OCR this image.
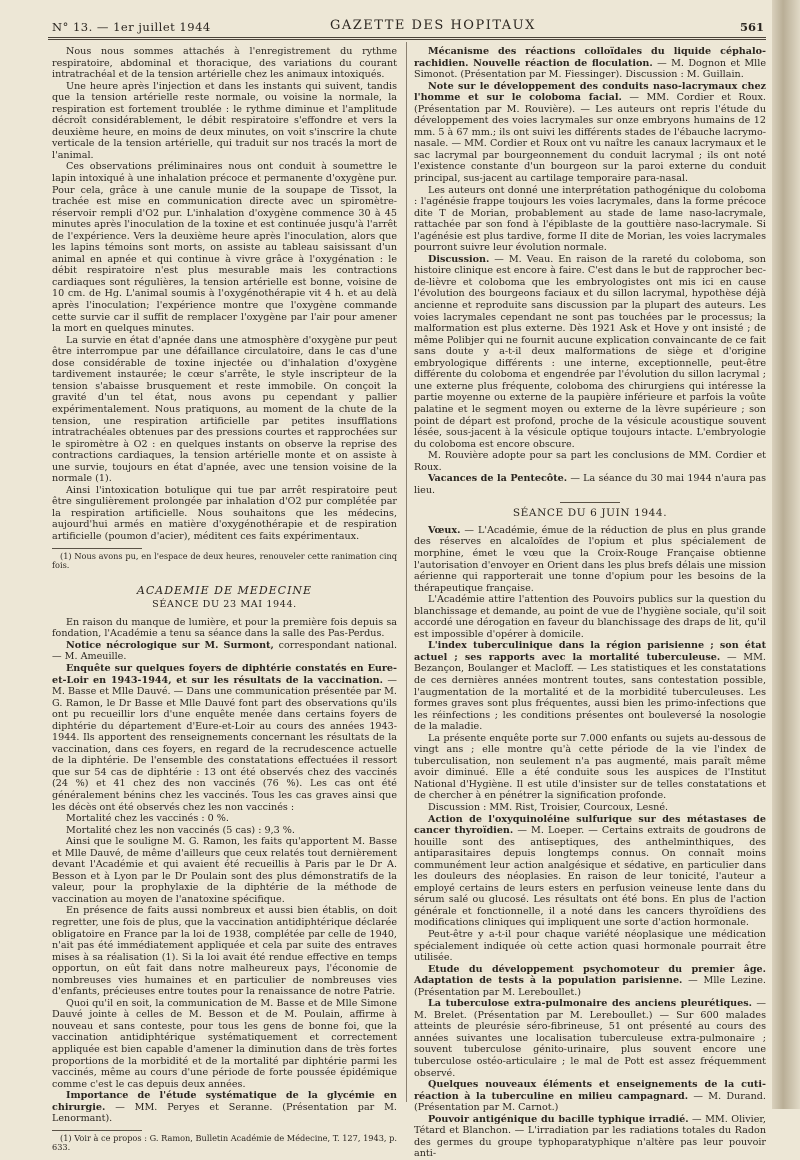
N° 13. — 1er juillet 1944	GAZETTE DES HOPITAUX	561

Nous nous sommes attachés à l'enregistrement du rythme respiratoire, abdominal et thoracique, des variations du courant intratrachéal et de la tension artérielle chez les animaux intoxiqués.

Une heure après l'injection et dans les instants qui suivent, tandis que la tension artérielle reste normale, ou voisine la normale, la respiration est fortement troublée : le rythme diminue et l'amplitude décroît considérablement, le débit respiratoire s'effondre et vers la deuxième heure, en moins de deux minutes, on voit s'inscrire la chute verticale de la tension artérielle, qui traduit sur nos tracés la mort de l'animal.

Ces observations préliminaires nous ont conduit à soumettre le lapin intoxiqué à une inhalation précoce et permanente d'oxygène pur. Pour cela, grâce à une canule munie de la soupape de Tissot, la trachée est mise en communication directe avec un spiromètre-réservoir rempli d'O2 pur. L'inhalation d'oxygène commence 30 à 45 minutes après l'inoculation de la toxine et est continuée jusqu'à l'arrêt de l'expérience. Vers la deuxième heure après l'inoculation, alors que les lapins témoins sont morts, on assiste au tableau saisissant d'un animal en apnée et qui continue à vivre grâce à l'oxygénation : le débit respiratoire n'est plus mesurable mais les contractions cardiaques sont régulières, la tension artérielle est bonne, voisine de 10 cm. de Hg. L'animal soumis à l'oxygénothérapie vit 4 h. et au delà après l'inoculation; l'expérience montre que l'oxygène commande cette survie car il suffit de remplacer l'oxygène par l'air pour amener la mort en quelques minutes.

La survie en état d'apnée dans une atmosphère d'oxygène pur peut être interrompue par une défaillance circulatoire, dans le cas d'une dose considérable de toxine injectée ou d'inhalation d'oxygène tardivement instaurée; le cœur s'arrête, le style inscripteur de la tension s'abaisse brusquement et reste immobile. On conçoit la gravité d'un tel état, nous avons pu cependant y pallier expérimentalement. Nous pratiquons, au moment de la chute de la tension, une respiration artificielle par petites insufflations intratrachéales obtenues par des pressions courtes et rapprochées sur le spiromètre à O2 : en quelques instants on observe la reprise des contractions cardiaques, la tension artérielle monte et on assiste à une survie, toujours en état d'apnée, avec une tension voisine de la normale (1).

Ainsi l'intoxication botulique qui tue par arrêt respiratoire peut être singulièrement prolongée par inhalation d'O2 pur complétée par la respiration artificielle. Nous souhaitons que les médecins, aujourd'hui armés en matière d'oxygénothérapie et de respiration artificielle (poumon d'acier), méditent ces faits expérimentaux.

(1) Nous avons pu, en l'espace de deux heures, renouveler cette ranimation cinq fois.

ACADEMIE DE MEDECINE

SÉANCE DU 23 MAI 1944.

En raison du manque de lumière, et pour la première fois depuis sa fondation, l'Académie a tenu sa séance dans la salle des Pas-Perdus.

Notice nécrologique sur M. Surmont, correspondant national. — M. Ameuille.

Enquête sur quelques foyers de diphtérie constatés en Eure-et-Loir en 1943-1944, et sur les résultats de la vaccination. — M. Basse et Mlle Dauvé. — Dans une communication présentée par M. G. Ramon, le Dr Basse et Mlle Dauvé font part des observations qu'ils ont pu recueillir lors d'une enquête menée dans certains foyers de diphtérie du département d'Eure-et-Loir au cours des années 1943-1944. Ils apportent des renseignements concernant les résultats de la vaccination, dans ces foyers, en regard de la recrudescence actuelle de la diphtérie. De l'ensemble des constatations effectuées il ressort que sur 54 cas de diphtérie : 13 ont été observés chez des vaccinés (24 %) et 41 chez des non vaccinés (76 %). Les cas ont été généralement bénins chez les vaccinés. Tous les cas graves ainsi que les décès ont été observés chez les non vaccinés :

Mortalité chez les vaccinés : 0 %.

Mortalité chez les non vaccinés (5 cas) : 9,3 %.

Ainsi que le souligne M. G. Ramon, les faits qu'apportent M. Basse et Mlle Dauvé, de même d'ailleurs que ceux relatés tout dernièrement devant l'Académie et qui avaient été recueillis à Paris par le Dr A. Besson et à Lyon par le Dr Poulain sont des plus démonstratifs de la valeur, pour la prophylaxie de la diphtérie de la méthode de vaccination au moyen de l'anatoxine spécifique.

En présence de faits aussi nombreux et aussi bien établis, on doit regretter, une fois de plus, que la vaccination antidiphtérique déclarée obligatoire en France par la loi de 1938, complétée par celle de 1940, n'ait pas été immédiatement appliquée et cela par suite des entraves mises à sa réalisation (1). Si la loi avait été rendue effective en temps opportun, on eût fait dans notre malheureux pays, l'économie de nombreuses vies humaines et en particulier de nombreuses vies d'enfants, précieuses entre toutes pour la renaissance de notre Patrie.

Quoi qu'il en soit, la communication de M. Basse et de Mlle Simone Dauvé jointe à celles de M. Besson et de M. Poulain, affirme à nouveau et sans conteste, pour tous les gens de bonne foi, que la vaccination antidiphtérique systématiquement et correctement appliquée est bien capable d'amener la diminution dans de très fortes proportions de la morbidité et de la mortalité par diphtérie parmi les vaccinés, même au cours d'une période de forte poussée épidémique comme c'est le cas depuis deux années.

Importance de l'étude systématique de la glycémie en chirurgie. — MM. Peryes et Seranne. (Présentation par M. Lenormant).

(1) Voir à ce propos : G. Ramon, Bulletin Académie de Médecine, T. 127, 1943, p. 633.

Mécanisme des réactions colloïdales du liquide céphalo-rachidien. Nouvelle réaction de floculation. — M. Dognon et Mlle Simonot. (Présentation par M. Fiessinger). Discussion : M. Guillain.

Note sur le développement des conduits naso-lacrymaux chez l'homme et sur le coloboma facial. — MM. Cordier et Roux. (Présentation par M. Rouvière). — Les auteurs ont repris l'étude du développement des voies lacrymales sur onze embryons humains de 12 mm. 5 à 67 mm.; ils ont suivi les différents stades de l'ébauche lacrymo-nasale. — MM. Cordier et Roux ont vu naître les canaux lacrymaux et le sac lacrymal par bourgeonnement du conduit lacrymal ; ils ont noté l'existence constante d'un bourgeon sur la paroi externe du conduit principal, sus-jacent au cartilage temporaire para-nasal.

Les auteurs ont donné une interprétation pathogénique du coloboma : l'agénésie frappe toujours les voies lacrymales, dans la forme précoce dite T de Morian, probablement au stade de lame naso-lacrymale, rattachée par son fond à l'épiblaste de la gouttière naso-lacrymale. Si l'agénésie est plus tardive, forme II dite de Morian, les voies lacrymales pourront suivre leur évolution normale.

Discussion. — M. Veau. En raison de la rareté du coloboma, son histoire clinique est encore à faire. C'est dans le but de rapprocher bec-de-lièvre et coloboma que les embryologistes ont mis ici en cause l'évolution des bourgeons faciaux et du sillon lacrymal, hypothèse déjà ancienne et reproduite sans discussion par la plupart des auteurs. Les voies lacrymales cependant ne sont pas touchées par le processus; la malformation est plus externe. Dès 1921 Ask et Hove y ont insisté ; de même Polibjer qui ne fournit aucune explication convaincante de ce fait sans doute y a-t-il deux malformations de siège et d'origine embryologique différents : une interne, exceptionnelle, peut-être différente du coloboma et engendrée par l'évolution du sillon lacrymal ; une externe plus fréquente, coloboma des chirurgiens qui intéresse la partie moyenne ou externe de la paupière inférieure et parfois la voûte palatine et le segment moyen ou externe de la lèvre supérieure ; son point de départ est profond, proche de la vésicule acoustique souvent lésée, sous-jacent à la vésicule optique toujours intacte. L'embryologie du coloboma est encore obscure.

M. Rouvière adopte pour sa part les conclusions de MM. Cordier et Roux.

Vacances de la Pentecôte. — La séance du 30 mai 1944 n'aura pas lieu.

SÉANCE DU 6 JUIN 1944.

Vœux. — L'Académie, émue de la réduction de plus en plus grande des réserves en alcaloïdes de l'opium et plus spécialement de morphine, émet le vœu que la Croix-Rouge Française obtienne l'autorisation d'envoyer en Orient dans les plus brefs délais une mission aérienne qui rapporterait une tonne d'opium pour les besoins de la thérapeutique française.

L'Académie attire l'attention des Pouvoirs publics sur la question du blanchissage et demande, au point de vue de l'hygiène sociale, qu'il soit accordé une dérogation en faveur du blanchissage des draps de lit, qu'il est impossible d'opérer à domicile.

L'index tuberculinique dans la région parisienne ; son état actuel ; ses rapports avec la mortalité tuberculeuse. — MM. Bezançon, Boulanger et Macloff. — Les statistiques et les constatations de ces dernières années montrent toutes, sans contestation possible, l'augmentation de la mortalité et de la morbidité tuberculeuses. Les formes graves sont plus fréquentes, aussi bien les primo-infections que les réinfections ; les conditions présentes ont bouleversé la nosologie de la maladie.

La présente enquête porte sur 7.000 enfants ou sujets au-dessous de vingt ans ; elle montre qu'à cette période de la vie l'index de tuberculisation, non seulement n'a pas augmenté, mais paraît même avoir diminué. Elle a été conduite sous les auspices de l'Institut National d'Hygiène. Il est utile d'insister sur de telles constatations et de chercher à en pénétrer la signification profonde.

Discussion : MM. Rist, Troisier, Courcoux, Lesné.

Action de l'oxyquinoléine sulfurique sur des métastases de cancer thyroïdien. — M. Loeper. — Certains extraits de goudrons de houille sont des antiseptiques, des anthelminthiques, des antiparasitaires depuis longtemps connus. On connaît moins communément leur action analgésique et sédative, en particulier dans les douleurs des néoplasies. En raison de leur tonicité, l'auteur a employé certains de leurs esters en perfusion veineuse lente dans du sérum salé ou glucosé. Les résultats ont été bons. En plus de l'action générale et fonctionnelle, il a noté dans les cancers thyroïdiens des modifications cliniques qui impliquent une sorte d'action hormonale.

Peut-être y a-t-il pour chaque variété néoplasique une médication spécialement indiquée où cette action quasi hormonale pourrait être utilisée.

Etude du développement psychomoteur du premier âge. Adaptation de tests à la population parisienne. — Mlle Lezine. (Présentation par M. Lereboullet.)

La tuberculose extra-pulmonaire des anciens pleurétiques. — M. Brelet. (Présentation par M. Lereboullet.) — Sur 600 malades atteints de pleurésie séro-fibrineuse, 51 ont présenté au cours des années suivantes une localisation tuberculeuse extra-pulmonaire ; souvent tuberculose génito-urinaire, plus souvent encore une tuberculose ostéo-articulaire ; le mal de Pott est assez fréquemment observé.

Quelques nouveaux éléments et enseignements de la cuti-réaction à la tuberculine en milieu campagnard. — M. Durand. (Présentation par M. Carnot.)

Pouvoir antigénique du bacille typhique irradié. — MM. Olivier, Tétard et Blanchon. — L'irradiation par les radiations totales du Radon des germes du groupe typhoparatyphique n'altère pas leur pouvoir anti-
